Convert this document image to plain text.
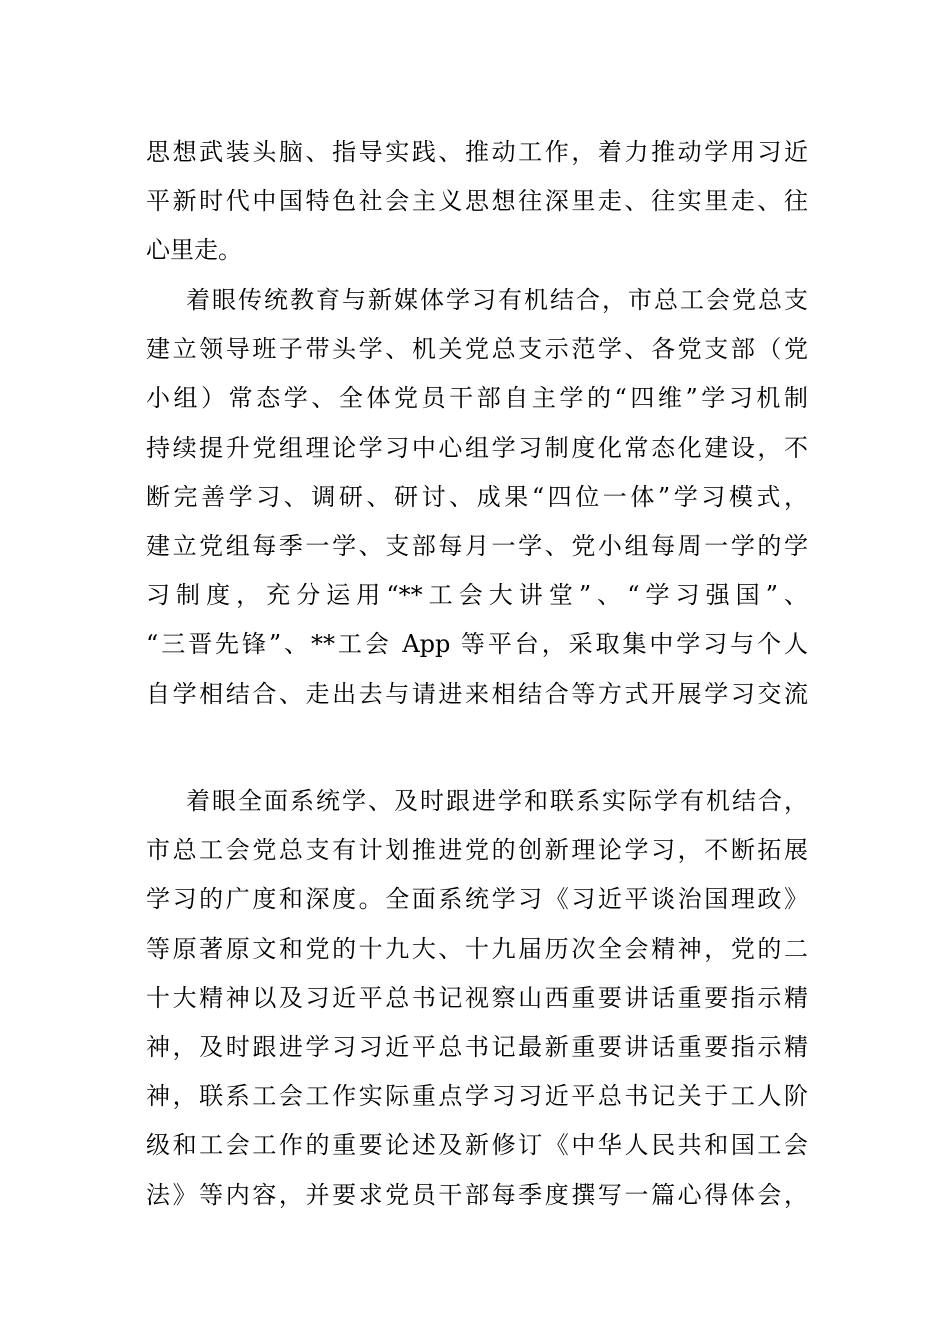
思想武装头脑、指导实践、推动工作，着力推动学用习近
平新时代中国特色社会主义思想往深里走、往实里走、往
心里走。
着眼传统教育与新媒体学习有机结合，市总工会党总支
建立领导班子带头学、机关党总支示范学、各党支部（党
小组）常态学、全体党员干部自主学的“四维”学习机制
持续提升党组理论学习中心组学习制度化常态化建设，不
断完善学习、调研、研讨、成果“四位一体”学习模式，
建立党组每季一学、支部每月一学、党小组每周一学的学
习制度，充分运用“**工会大讲堂”、“学习强国”、
“三晋先锋”、**工会 App 等平台，采取集中学习与个人
自学相结合、走出去与请进来相结合等方式开展学习交流
着眼全面系统学、及时跟进学和联系实际学有机结合，
市总工会党总支有计划推进党的创新理论学习，不断拓展
学习的广度和深度。全面系统学习《习近平谈治国理政》
等原著原文和党的十九大、十九届历次全会精神，党的二
十大精神以及习近平总书记视察山西重要讲话重要指示精
神，及时跟进学习习近平总书记最新重要讲话重要指示精
神，联系工会工作实际重点学习习近平总书记关于工人阶
级和工会工作的重要论述及新修订《中华人民共和国工会
法》等内容，并要求党员干部每季度撰写一篇心得体会，
